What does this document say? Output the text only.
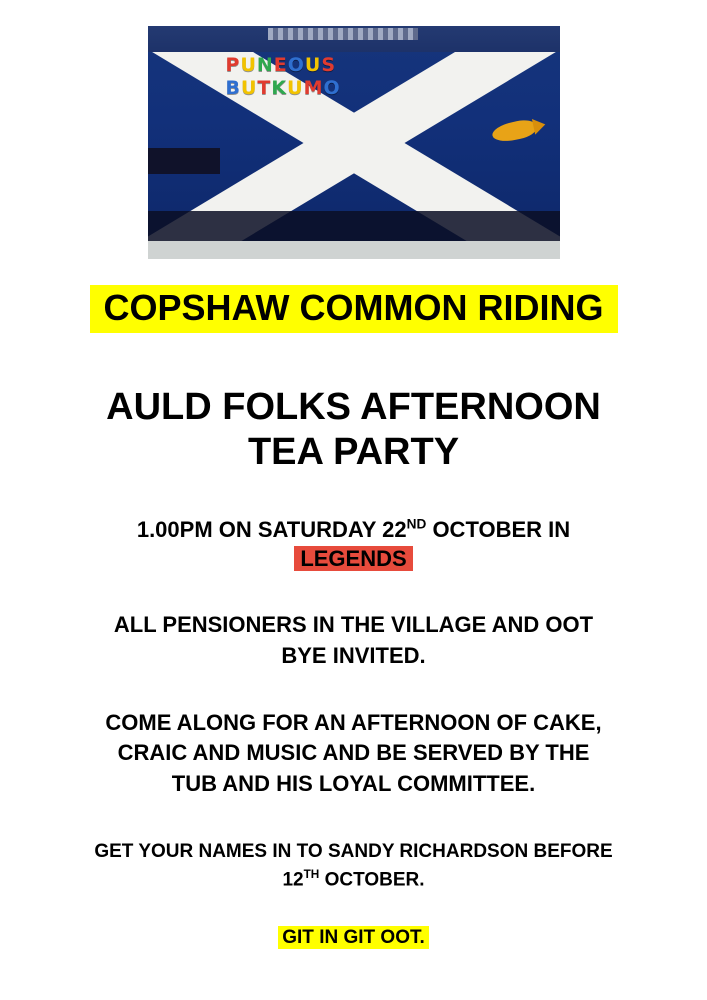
PUNEOUS
BUTKUMO
COPSHAW COMMON RIDING
AULD FOLKS AFTERNOON
TEA PARTY
1.00PM ON SATURDAY 22ND OCTOBER IN
LEGENDS
ALL PENSIONERS IN THE VILLAGE AND OOT
BYE INVITED.
COME ALONG FOR AN AFTERNOON OF CAKE,
CRAIC AND MUSIC AND BE SERVED BY THE
TUB AND HIS LOYAL COMMITTEE.
GET YOUR NAMES IN TO SANDY RICHARDSON BEFORE
12TH OCTOBER.
GIT IN GIT OOT.
